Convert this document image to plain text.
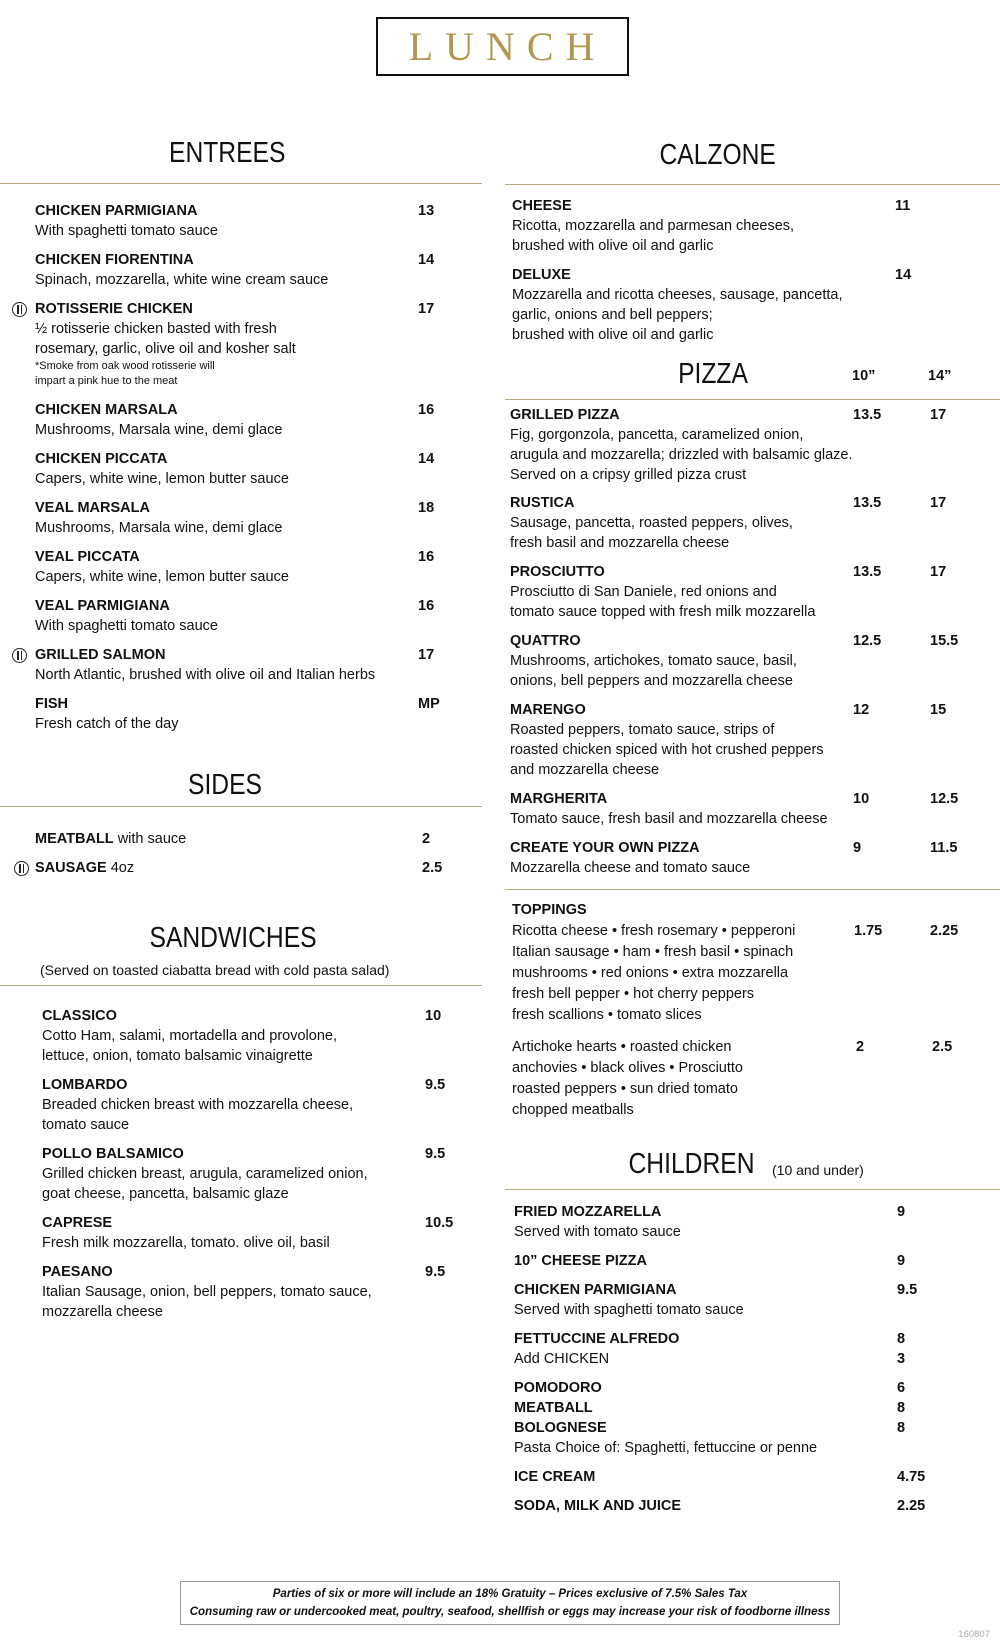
LUNCH
ENTREES
CHICKEN PARMIGIANA	13
With spaghetti tomato sauce
CHICKEN FIORENTINA	14
Spinach, mozzarella, white wine cream sauce
ROTISSERIE CHICKEN	17
½ rotisserie chicken basted with fresh
rosemary, garlic, olive oil and kosher salt
*Smoke from oak wood rotisserie will
impart a pink hue to the meat
CHICKEN MARSALA	16
Mushrooms, Marsala wine, demi glace
CHICKEN PICCATA	14
Capers, white wine, lemon butter sauce
VEAL MARSALA	18
Mushrooms, Marsala wine, demi glace
VEAL PICCATA	16
Capers, white wine, lemon butter sauce
VEAL PARMIGIANA	16
With spaghetti tomato sauce
GRILLED SALMON	17
North Atlantic, brushed with olive oil and Italian herbs
FISH	MP
Fresh catch of the day
SIDES
MEATBALL with sauce	2
SAUSAGE 4oz	2.5
SANDWICHES
(Served on toasted ciabatta bread with cold pasta salad)
CLASSICO	10
Cotto Ham, salami, mortadella and provolone,
lettuce, onion, tomato balsamic vinaigrette
LOMBARDO	9.5
Breaded chicken breast with mozzarella cheese,
tomato sauce
POLLO BALSAMICO	9.5
Grilled chicken breast, arugula, caramelized onion,
goat cheese, pancetta, balsamic glaze
CAPRESE	10.5
Fresh milk mozzarella, tomato. olive oil, basil
PAESANO	9.5
Italian Sausage, onion, bell peppers, tomato sauce,
mozzarella cheese
CALZONE
CHEESE	11
Ricotta, mozzarella and parmesan cheeses,
brushed with olive oil and garlic
DELUXE	14
Mozzarella and ricotta cheeses, sausage, pancetta,
garlic, onions and bell peppers;
brushed with olive oil and garlic
PIZZA	10”	14”
GRILLED PIZZA	13.5	17
Fig, gorgonzola, pancetta, caramelized onion,
arugula and mozzarella; drizzled with balsamic glaze.
Served on a cripsy grilled pizza crust
RUSTICA	13.5	17
Sausage, pancetta, roasted peppers, olives,
fresh basil and mozzarella cheese
PROSCIUTTO	13.5	17
Prosciutto di San Daniele, red onions and
tomato sauce topped with fresh milk mozzarella
QUATTRO	12.5	15.5
Mushrooms, artichokes, tomato sauce, basil,
onions, bell peppers and mozzarella cheese
MARENGO	12	15
Roasted peppers, tomato sauce, strips of
roasted chicken spiced with hot crushed peppers
and mozzarella cheese
MARGHERITA	10	12.5
Tomato sauce, fresh basil and mozzarella cheese
CREATE YOUR OWN PIZZA	9	11.5
Mozzarella cheese and tomato sauce
TOPPINGS
1.75	2.25
Ricotta cheese • fresh rosemary • pepperoni
Italian sausage • ham • fresh basil • spinach
mushrooms • red onions • extra mozzarella
fresh bell pepper • hot cherry peppers
fresh scallions • tomato slices
2	2.5
Artichoke hearts • roasted chicken
anchovies • black olives • Prosciutto
roasted peppers • sun dried tomato
chopped meatballs
CHILDREN (10 and under)
FRIED MOZZARELLA	9
Served with tomato sauce
10” CHEESE PIZZA	9
CHICKEN PARMIGIANA	9.5
Served with spaghetti tomato sauce
FETTUCCINE ALFREDO	8
Add CHICKEN	3
POMODORO	6
MEATBALL	8
BOLOGNESE	8
Pasta Choice of: Spaghetti, fettuccine or penne
ICE CREAM	4.75
SODA, MILK AND JUICE	2.25
Parties of six or more will include an 18% Gratuity – Prices exclusive of 7.5% Sales Tax
Consuming raw or undercooked meat, poultry, seafood, shellfish or eggs may increase your risk of foodborne illness
160807
